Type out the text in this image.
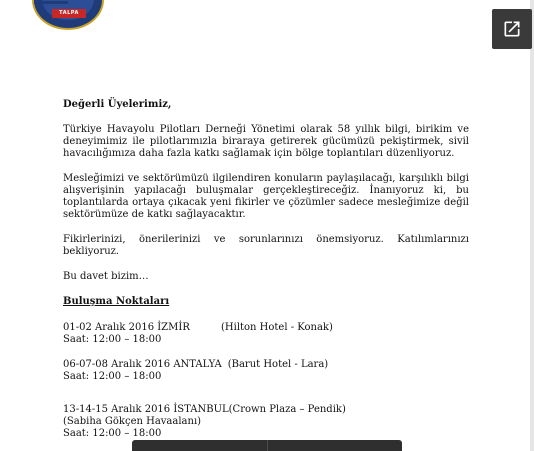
TALPA

Değerli Üyelerimiz,

Türkiye Havayolu Pilotları Derneği Yönetimi olarak 58 yıllık bilgi, birikim ve deneyimimiz ile pilotlarımızla biraraya getirerek gücümüzü pekiştirmek, sivil havacılığımıza daha fazla katkı sağlamak için bölge toplantıları düzenliyoruz.

Mesleğimizi ve sektörümüzü ilgilendiren konuların paylaşılacağı, karşılıklı bilgi alışverişinin yapılacağı buluşmalar gerçekleştireceğiz. İnanıyoruz ki, bu toplantılarda ortaya çıkacak yeni fikirler ve çözümler sadece mesleğimize değil sektörümüze de katkı sağlayacaktır.

Fikirlerinizi, önerilerinizi ve sorunlarınızı önemsiyoruz. Katılımlarınızı bekliyoruz.

Bu davet bizim…

Buluşma Noktaları

01-02 Aralık 2016 İZMİR	(Hilton Hotel - Konak)
Saat: 12:00 – 18:00
06-07-08 Aralık 2016 ANTALYA (Barut Hotel - Lara)
Saat: 12:00 – 18:00
13-14-15 Aralık 2016 İSTANBUL (Crown Plaza – Pendik)
(Sabiha Gökçen Havaalanı)
Saat: 12:00 – 18:00
